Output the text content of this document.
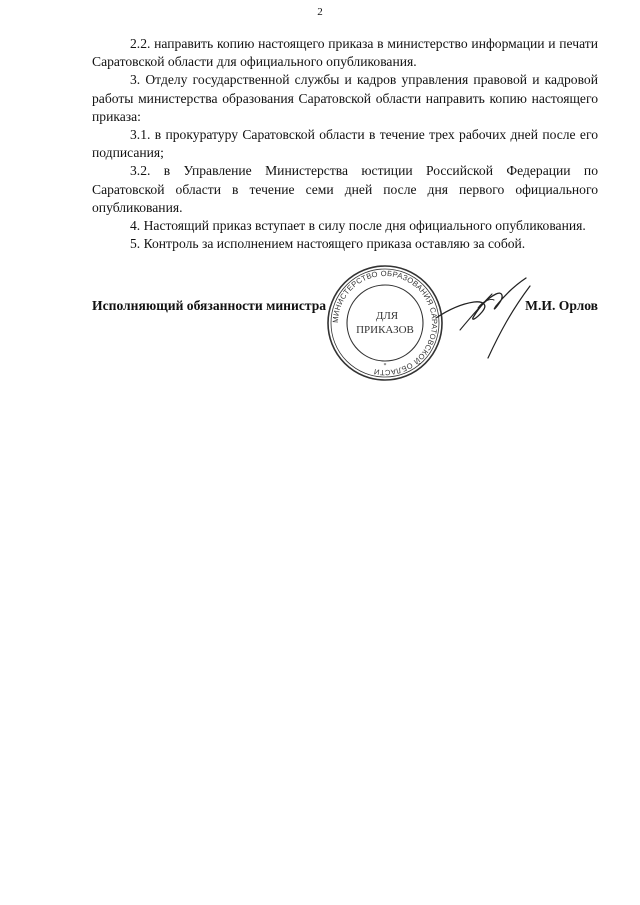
2

2.2. направить копию настоящего приказа в министерство информации и печати Саратовской области для официального опубликования.

3. Отделу государственной службы и кадров управления правовой и кадровой работы министерства образования Саратовской области направить копию настоящего приказа:

3.1. в прокуратуру Саратовской области в течение трех рабочих дней после его подписания;

3.2. в Управление Министерства юстиции Российской Федерации по Саратовской области в течение семи дней после дня первого официального опубликования.

4. Настоящий приказ вступает в силу после дня официального опубликования.

5. Контроль за исполнением настоящего приказа оставляю за собой.

Исполняющий обязанности министра	М.И. Орлов
МИНИСТЕРСТВО ОБРАЗОВАНИЯ САРАТОВСКОЙ ОБЛАСТИ
ДЛЯ
ПРИКАЗОВ
*
